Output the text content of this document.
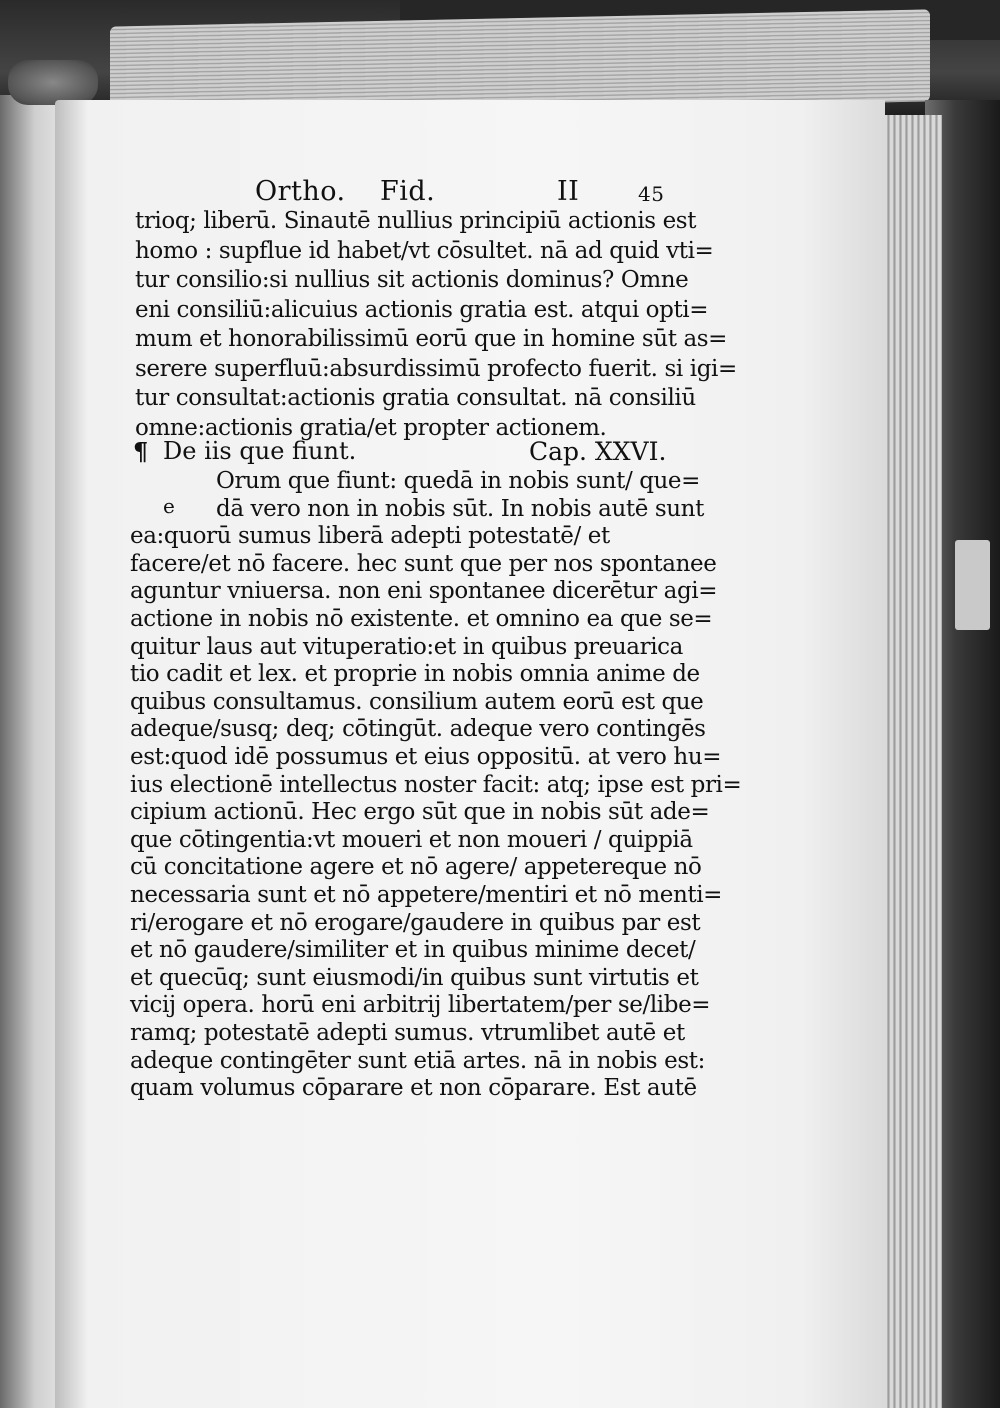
Ortho. Fid.	II	45
trioq; liberū. Sinautē nullius principiū actionis est
homo : supflue id habet/vt cōsultet. nā ad quid vti=
tur consilio:si nullius sit actionis dominus? Omne
eni consiliū:alicuius actionis gratia est. atqui opti=
mum et honorabilissimū eorū que in homine sūt as=
serere superfluū:absurdissimū profecto fuerit. si igi=
tur consultat:actionis gratia consultat. nā consiliū
omne:actionis gratia/et propter actionem.
¶ De iis que fiunt.	Cap. XXVI.
e
Orum que fiunt: quedā in nobis sunt/ que=
dā vero non in nobis sūt. In nobis autē sunt
ea:quorū sumus liberā adepti potestatē/ et
facere/et nō facere. hec sunt que per nos spontanee
aguntur vniuersa. non eni spontanee dicerētur agi=
actione in nobis nō existente. et omnino ea que se=
quitur laus aut vituperatio:et in quibus preuarica
tio cadit et lex. et proprie in nobis omnia anime de
quibus consultamus. consilium autem eorū est que
adeque/susq; deq; cōtingūt. adeque vero contingēs
est:quod idē possumus et eius oppositū. at vero hu=
ius electionē intellectus noster facit: atq; ipse est pri=
cipium actionū. Hec ergo sūt que in nobis sūt ade=
que cōtingentia:vt moueri et non moueri / quippiā
cū concitatione agere et nō agere/ appetereque nō
necessaria sunt et nō appetere/mentiri et nō menti=
ri/erogare et nō erogare/gaudere in quibus par est
et nō gaudere/similiter et in quibus minime decet/
et quecūq; sunt eiusmodi/in quibus sunt virtutis et
vicij opera. horū eni arbitrij libertatem/per se/libe=
ramq; potestatē adepti sumus. vtrumlibet autē et
adeque contingēter sunt etiā artes. nā in nobis est:
quam volumus cōparare et non cōparare. Est autē
